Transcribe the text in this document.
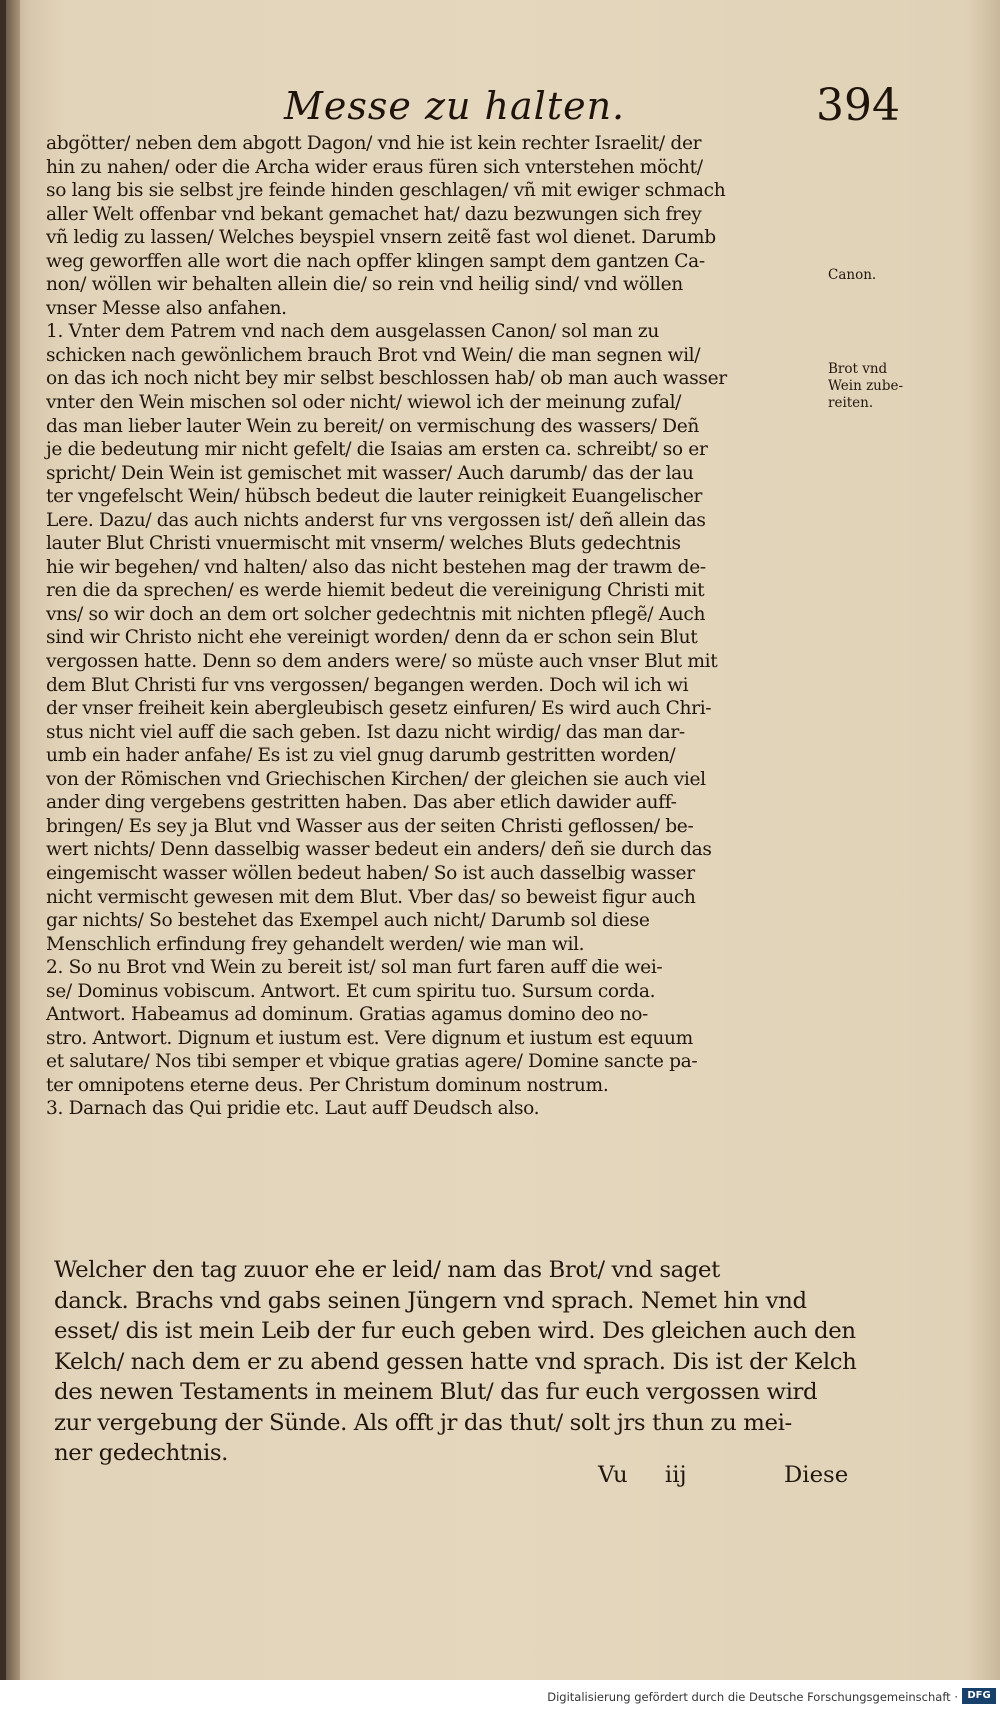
Messe zu halten.	394
Canon.
Brot vnd Wein zube- reiten.
abgötter/ neben dem abgott Dagon/ vnd hie ist kein rechter Israelit/ der
hin zu nahen/ oder die Archa wider eraus füren sich vnterstehen möcht/
so lang bis sie selbst jre feinde hinden geschlagen/ vñ mit ewiger schmach
aller Welt offenbar vnd bekant gemachet hat/ dazu bezwungen sich frey
vñ ledig zu lassen/ Welches beyspiel vnsern zeitẽ fast wol dienet. Darumb
weg geworffen alle wort die nach opffer klingen sampt dem gantzen Ca-
non/ wöllen wir behalten allein die/ so rein vnd heilig sind/ vnd wöllen
vnser Messe also anfahen.
1. Vnter dem Patrem vnd nach dem ausgelassen Canon/ sol man zu
schicken nach gewönlichem brauch Brot vnd Wein/ die man segnen wil/
on das ich noch nicht bey mir selbst beschlossen hab/ ob man auch wasser
vnter den Wein mischen sol oder nicht/ wiewol ich der meinung zufal/
das man lieber lauter Wein zu bereit/ on vermischung des wassers/ Deñ
je die bedeutung mir nicht gefelt/ die Isaias am ersten ca. schreibt/ so er
spricht/ Dein Wein ist gemischet mit wasser/ Auch darumb/ das der lau
ter vngefelscht Wein/ hübsch bedeut die lauter reinigkeit Euangelischer
Lere. Dazu/ das auch nichts anderst fur vns vergossen ist/ deñ allein das
lauter Blut Christi vnuermischt mit vnserm/ welches Bluts gedechtnis
hie wir begehen/ vnd halten/ also das nicht bestehen mag der trawm de-
ren die da sprechen/ es werde hiemit bedeut die vereinigung Christi mit
vns/ so wir doch an dem ort solcher gedechtnis mit nichten pflegẽ/ Auch
sind wir Christo nicht ehe vereinigt worden/ denn da er schon sein Blut
vergossen hatte. Denn so dem anders were/ so müste auch vnser Blut mit
dem Blut Christi fur vns vergossen/ begangen werden. Doch wil ich wi
der vnser freiheit kein abergleubisch gesetz einfuren/ Es wird auch Chri-
stus nicht viel auff die sach geben. Ist dazu nicht wirdig/ das man dar-
umb ein hader anfahe/ Es ist zu viel gnug darumb gestritten worden/
von der Römischen vnd Griechischen Kirchen/ der gleichen sie auch viel
ander ding vergebens gestritten haben. Das aber etlich dawider auff-
bringen/ Es sey ja Blut vnd Wasser aus der seiten Christi geflossen/ be-
wert nichts/ Denn dasselbig wasser bedeut ein anders/ deñ sie durch das
eingemischt wasser wöllen bedeut haben/ So ist auch dasselbig wasser
nicht vermischt gewesen mit dem Blut. Vber das/ so beweist figur auch
gar nichts/ So bestehet das Exempel auch nicht/ Darumb sol diese
Menschlich erfindung frey gehandelt werden/ wie man wil.
2. So nu Brot vnd Wein zu bereit ist/ sol man furt faren auff die wei-
se/ Dominus vobiscum. Antwort. Et cum spiritu tuo. Sursum corda.
Antwort. Habeamus ad dominum. Gratias agamus domino deo no-
stro. Antwort. Dignum et iustum est. Vere dignum et iustum est equum
et salutare/ Nos tibi semper et vbique gratias agere/ Domine sancte pa-
ter omnipotens eterne deus. Per Christum dominum nostrum.
3. Darnach das Qui pridie etc. Laut auff Deudsch also.
Welcher den tag zuuor ehe er leid/ nam das Brot/ vnd saget
danck. Brachs vnd gabs seinen Jüngern vnd sprach. Nemet hin vnd
esset/ dis ist mein Leib der fur euch geben wird. Des gleichen auch den
Kelch/ nach dem er zu abend gessen hatte vnd sprach. Dis ist der Kelch
des newen Testaments in meinem Blut/ das fur euch vergossen wird
zur vergebung der Sünde. Als offt jr das thut/ solt jrs thun zu mei-
ner gedechtnis.
Vu iij	Diese
Digitalisierung gefördert durch die Deutsche Forschungsgemeinschaft · DFG
